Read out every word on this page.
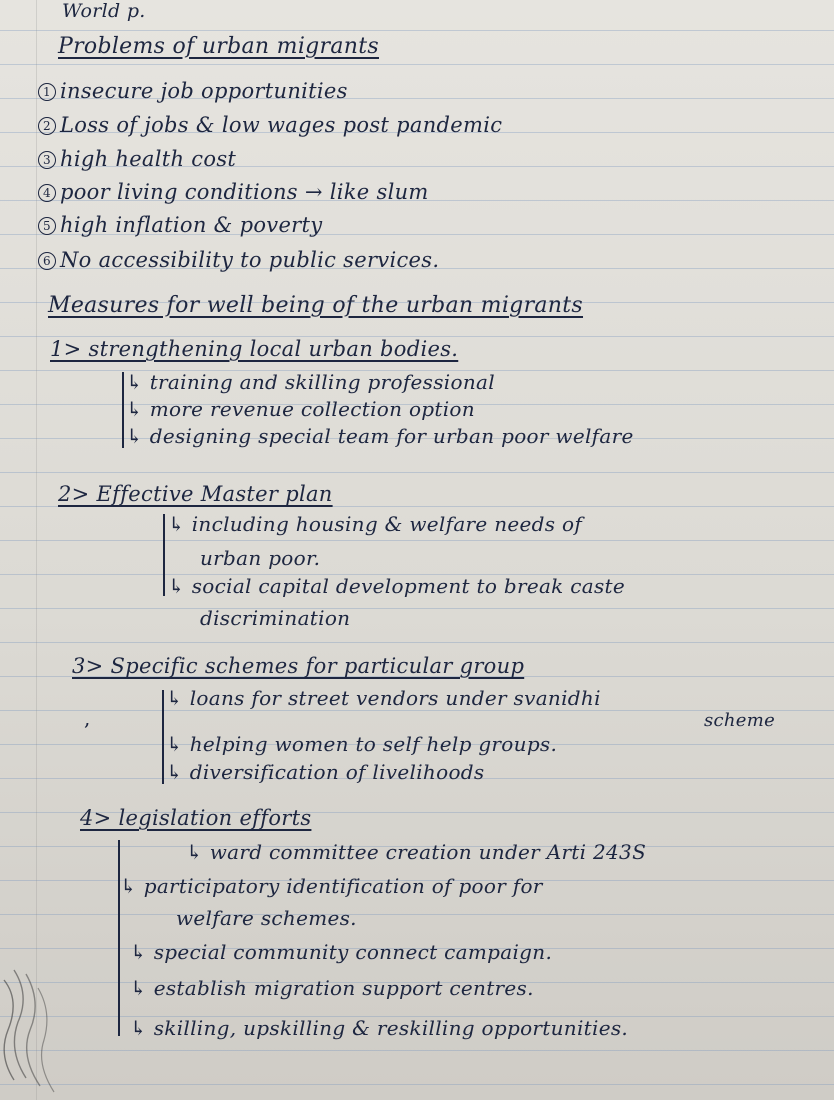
World p.
Problems of urban migrants
1 insecure job opportunities
2 Loss of jobs & low wages post pandemic
3 high health cost
4 poor living conditions → like slum
5 high inflation & poverty
6 No accessibility to public services.
Measures for well being of the urban migrants
1> strengthening local urban bodies.
↳ training and skilling professional
↳ more revenue collection option
↳ designing special team for urban poor welfare
2> Effective Master plan
↳ including housing & welfare needs of
urban poor.
↳ social capital development to break caste
discrimination
3> Specific schemes for particular group
,
↳ loans for street vendors under svanidhi
scheme
↳ helping women to self help groups.
↳ diversification of livelihoods
4> legislation efforts
↳ ward committee creation under Arti 243S
↳ participatory identification of poor for
welfare schemes.
↳ special community connect campaign.
↳ establish migration support centres.
↳ skilling, upskilling & reskilling opportunities.
